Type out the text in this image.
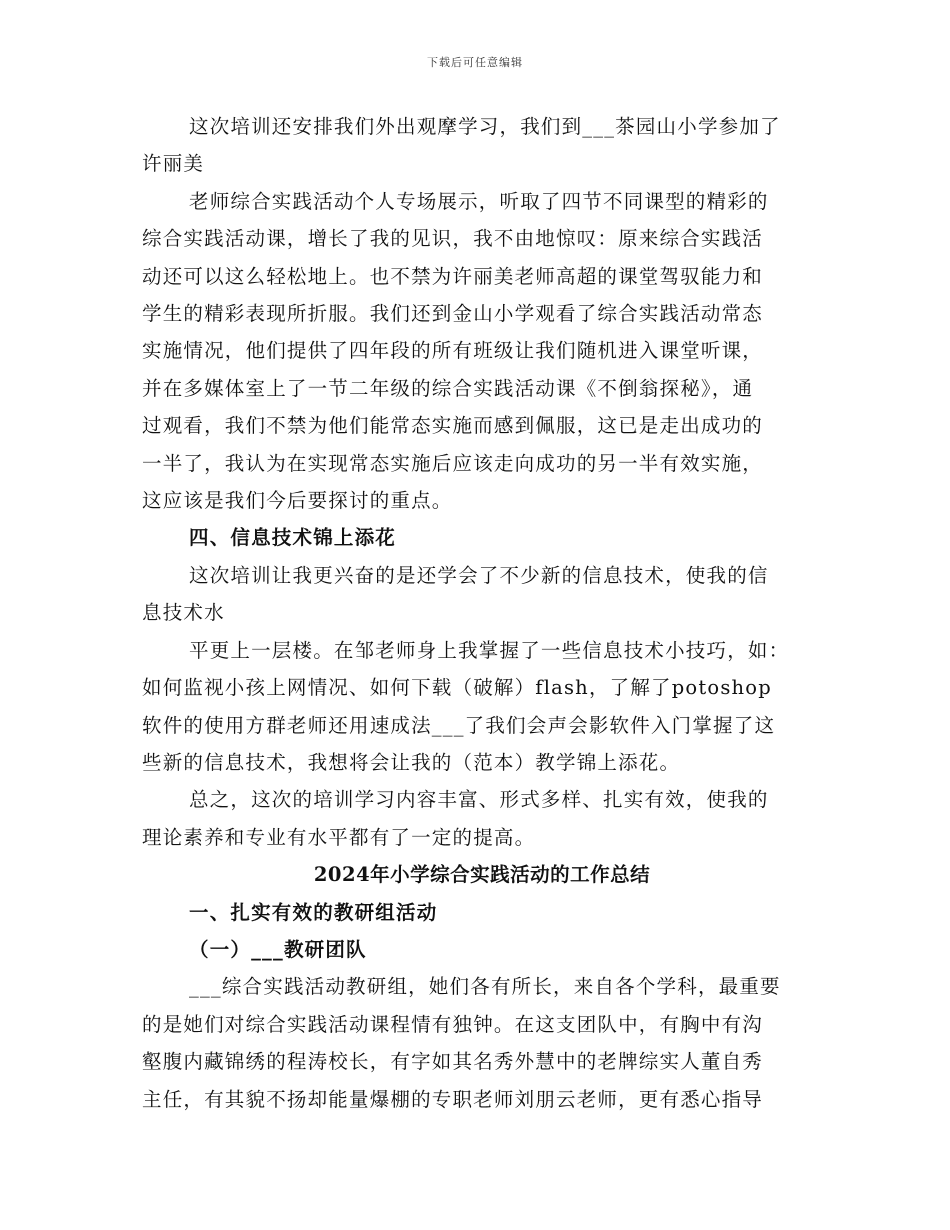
下载后可任意编辑

这次培训还安排我们外出观摩学习，我们到___茶园山小学参加了

许丽美

老师综合实践活动个人专场展示，听取了四节不同课型的精彩的

综合实践活动课，增长了我的见识，我不由地惊叹：原来综合实践活

动还可以这么轻松地上。也不禁为许丽美老师高超的课堂驾驭能力和

学生的精彩表现所折服。我们还到金山小学观看了综合实践活动常态

实施情况，他们提供了四年段的所有班级让我们随机进入课堂听课，

并在多媒体室上了一节二年级的综合实践活动课《不倒翁探秘》，通

过观看，我们不禁为他们能常态实施而感到佩服，这已是走出成功的

一半了，我认为在实现常态实施后应该走向成功的另一半有效实施，

这应该是我们今后要探讨的重点。

四、信息技术锦上添花

这次培训让我更兴奋的是还学会了不少新的信息技术，使我的信

息技术水

平更上一层楼。在邹老师身上我掌握了一些信息技术小技巧，如：

如何监视小孩上网情况、如何下载（破解）flash，了解了potoshop

软件的使用方群老师还用速成法___了我们会声会影软件入门掌握了这

些新的信息技术，我想将会让我的（范本）教学锦上添花。

总之，这次的培训学习内容丰富、形式多样、扎实有效，使我的

理论素养和专业有水平都有了一定的提高。

2024年小学综合实践活动的工作总结

一、扎实有效的教研组活动

（一）___教研团队

___综合实践活动教研组，她们各有所长，来自各个学科，最重要

的是她们对综合实践活动课程情有独钟。在这支团队中，有胸中有沟

壑腹内藏锦绣的程涛校长，有字如其名秀外慧中的老牌综实人董自秀

主任，有其貌不扬却能量爆棚的专职老师刘朋云老师，更有悉心指导
